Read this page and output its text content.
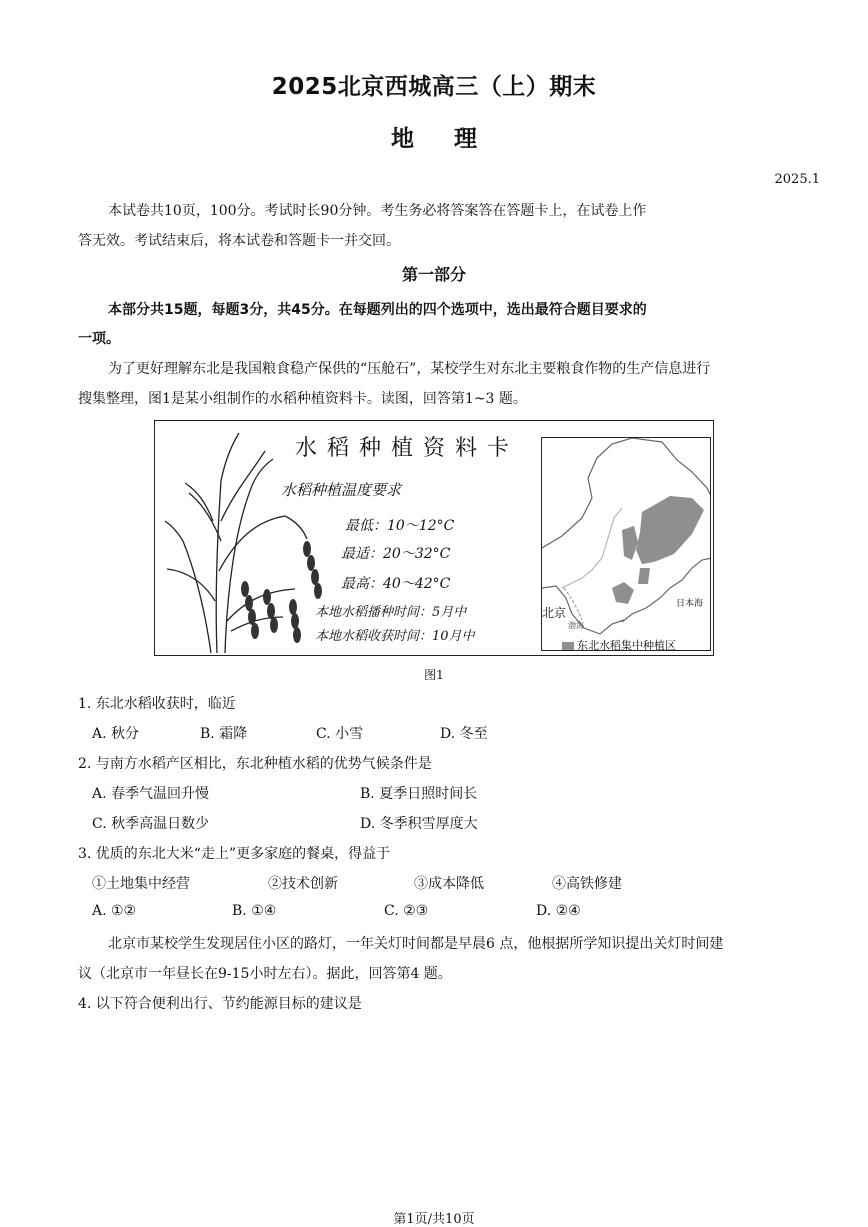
2025北京西城高三（上）期末
地理
2025.1
本试卷共10页，100分。考试时长90分钟。考生务必将答案答在答题卡上，在试卷上作
答无效。考试结束后，将本试卷和答题卡一并交回。
第一部分
本部分共15题，每题3分，共45分。在每题列出的四个选项中，选出最符合题目要求的
一项。
为了更好理解东北是我国粮食稳产保供的“压舱石”，某校学生对东北主要粮食作物的生产信息进行
搜集整理，图1是某小组制作的水稻种植资料卡。读图，回答第1~3 题。
水稻种植资料卡
水稻种植温度要求
最低：10～12°C
最适：20～32°C
最高：40～42°C
本地水稻播种时间：5月中
本地水稻收获时间：10月中
北京
日本海
渤海
东北水稻集中种植区
图1
1. 东北水稻收获时，临近
A. 秋分	B. 霜降	C. 小雪	D. 冬至
2. 与南方水稻产区相比，东北种植水稻的优势气候条件是
A. 春季气温回升慢	B. 夏季日照时间长
C. 秋季高温日数少	D. 冬季积雪厚度大
3. 优质的东北大米“走上”更多家庭的餐桌，得益于
①土地集中经营	②技术创新	③成本降低	④高铁修建
A. ①②	B. ①④	C. ②③	D. ②④
北京市某校学生发现居住小区的路灯，一年关灯时间都是早晨6 点，他根据所学知识提出关灯时间建
议（北京市一年昼长在9-15小时左右）。据此，回答第4 题。
4. 以下符合便利出行、节约能源目标的建议是
第1页/共10页
